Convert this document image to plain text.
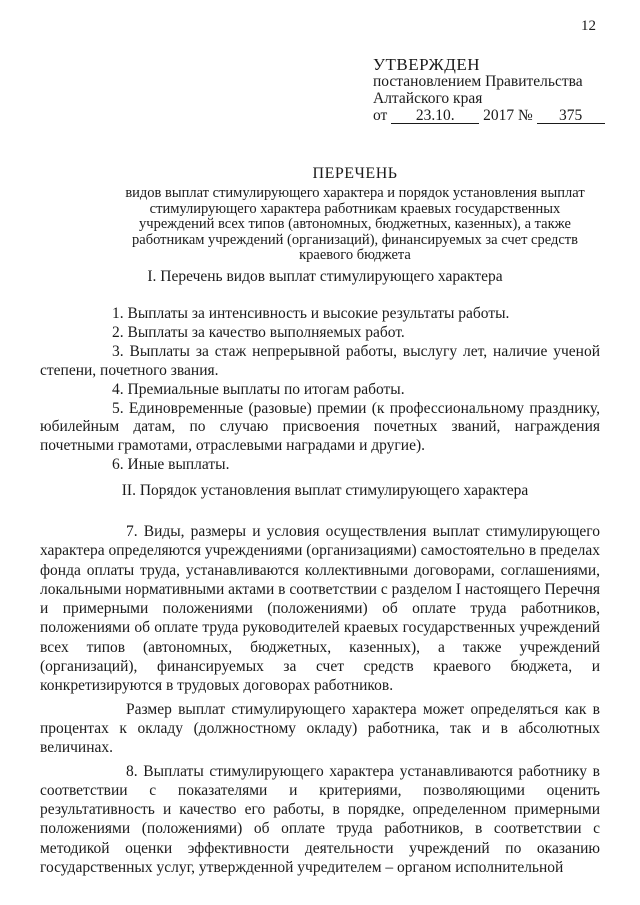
12
УТВЕРЖДЕН
постановлением Правительства
Алтайского края
от 23.10. 2017 № 375
ПЕРЕЧЕНЬ
видов выплат стимулирующего характера и порядок установления выплат стимулирующего характера работникам краевых государственных учреждений всех типов (автономных, бюджетных, казенных), а также работникам учреждений (организаций), финансируемых за счет средств краевого бюджета
I. Перечень видов выплат стимулирующего характера

1. Выплаты за интенсивность и высокие результаты работы.

2. Выплаты за качество выполняемых работ.

3. Выплаты за стаж непрерывной работы, выслугу лет, наличие ученой степени, почетного звания.

4. Премиальные выплаты по итогам работы.

5. Единовременные (разовые) премии (к профессиональному празднику, юбилейным датам, по случаю присвоения почетных званий, награждения почетными грамотами, отраслевыми наградами и другие).

6. Иные выплаты.

II. Порядок установления выплат стимулирующего характера

7. Виды, размеры и условия осуществления выплат стимулирующего характера определяются учреждениями (организациями) самостоятельно в пределах фонда оплаты труда, устанавливаются коллективными договорами, соглашениями, локальными нормативными актами в соответствии с разделом I настоящего Перечня и примерными положениями (положениями) об оплате труда работников, положениями об оплате труда руководителей краевых государственных учреждений всех типов (автономных, бюджетных, казенных), а также учреждений (организаций), финансируемых за счет средств краевого бюджета, и конкретизируются в трудовых договорах работников.

Размер выплат стимулирующего характера может определяться как в процентах к окладу (должностному окладу) работника, так и в абсолютных величинах.

8. Выплаты стимулирующего характера устанавливаются работнику в соответствии с показателями и критериями, позволяющими оценить результативность и качество его работы, в порядке, определенном примерными положениями (положениями) об оплате труда работников, в соответствии с методикой оценки эффективности деятельности учреждений по оказанию государственных услуг, утвержденной учредителем – органом исполнительной
